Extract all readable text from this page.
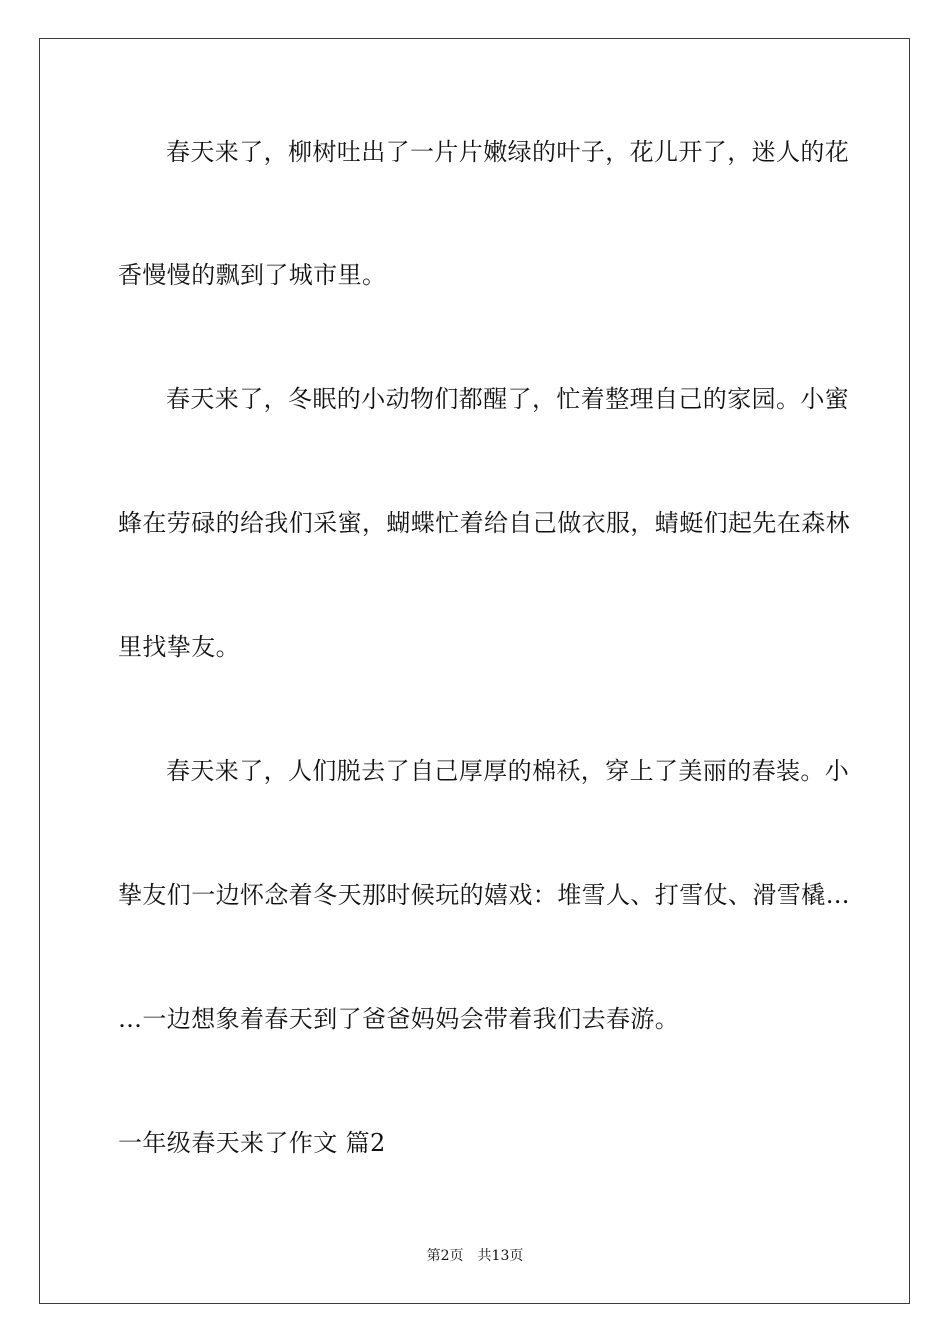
春天来了，柳树吐出了一片片嫩绿的叶子，花儿开了，迷人的花
香慢慢的飘到了城市里。
春天来了，冬眠的小动物们都醒了，忙着整理自己的家园。小蜜
蜂在劳碌的给我们采蜜，蝴蝶忙着给自己做衣服，蜻蜓们起先在森林
里找挚友。
春天来了，人们脱去了自己厚厚的棉袄，穿上了美丽的春装。小
挚友们一边怀念着冬天那时候玩的嬉戏：堆雪人、打雪仗、滑雪橇…
…一边想象着春天到了爸爸妈妈会带着我们去春游。
一年级春天来了作文 篇2
第2页 共13页
